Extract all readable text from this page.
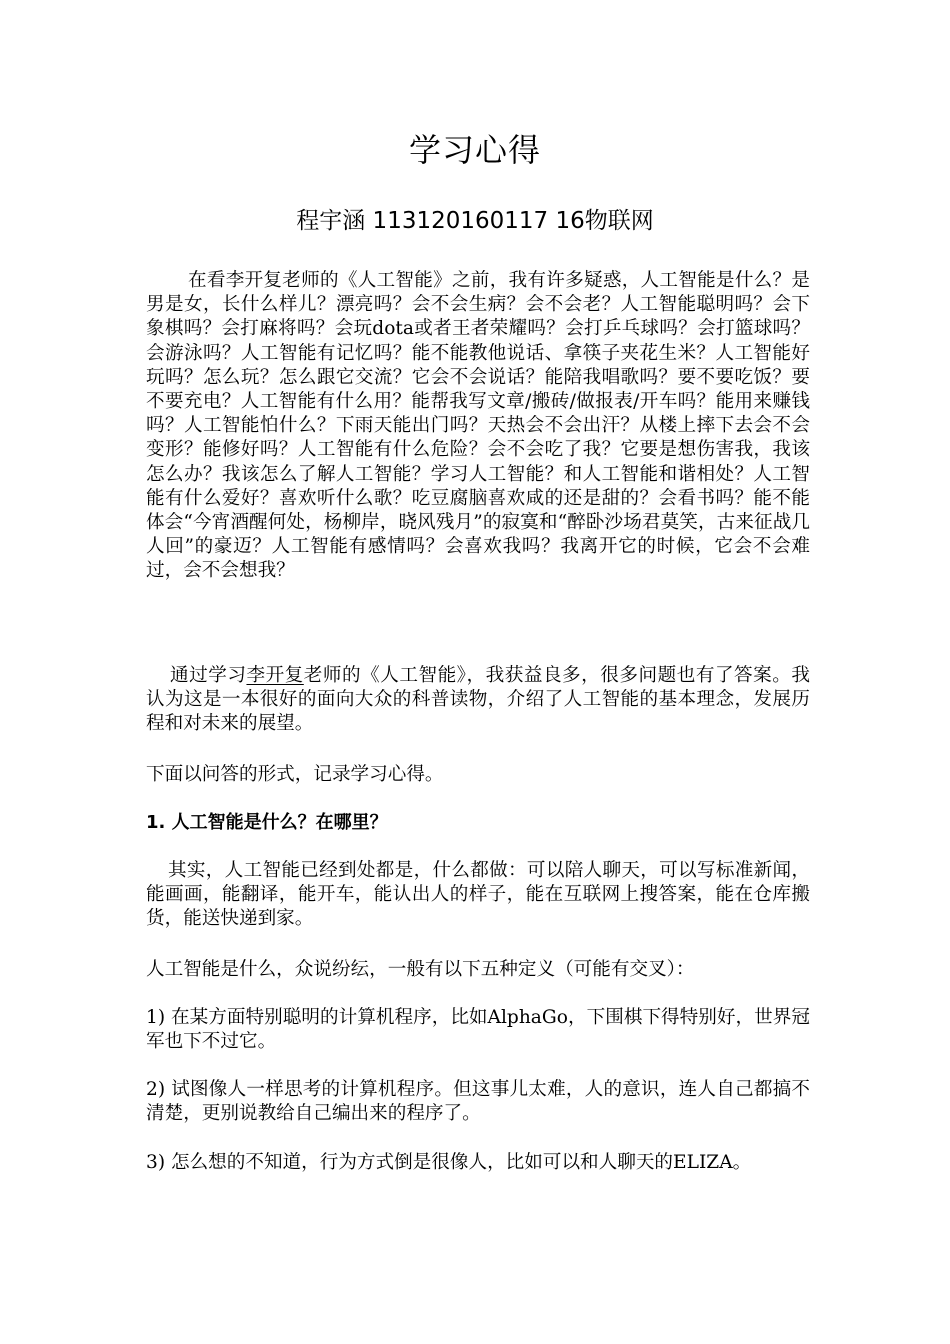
学习心得
程宇涵 113120160117 16物联网

在看李开复老师的《人工智能》之前，我有许多疑惑，人工智能是什么？是男是女，长什么样儿？漂亮吗？会不会生病？会不会老？人工智能聪明吗？会下象棋吗？会打麻将吗？会玩dota或者王者荣耀吗？会打乒乓球吗？会打篮球吗？会游泳吗？人工智能有记忆吗？能不能教他说话、拿筷子夹花生米？人工智能好玩吗？怎么玩？怎么跟它交流？它会不会说话？能陪我唱歌吗？要不要吃饭？要不要充电？人工智能有什么用？能帮我写文章/搬砖/做报表/开车吗？能用来赚钱吗？人工智能怕什么？下雨天能出门吗？天热会不会出汗？从楼上摔下去会不会变形？能修好吗？人工智能有什么危险？会不会吃了我？它要是想伤害我，我该怎么办？我该怎么了解人工智能？学习人工智能？和人工智能和谐相处？人工智能有什么爱好？喜欢听什么歌？吃豆腐脑喜欢咸的还是甜的？会看书吗？能不能体会“今宵酒醒何处，杨柳岸，晓风残月”的寂寞和“醉卧沙场君莫笑，古来征战几人回”的豪迈？人工智能有感情吗？会喜欢我吗？我离开它的时候，它会不会难过，会不会想我？

通过学习李开复老师的《人工智能》，我获益良多，很多问题也有了答案。我认为这是一本很好的面向大众的科普读物，介绍了人工智能的基本理念，发展历程和对未来的展望。

下面以问答的形式，记录学习心得。

1. 人工智能是什么？在哪里？

其实，人工智能已经到处都是，什么都做：可以陪人聊天，可以写标准新闻，能画画，能翻译，能开车，能认出人的样子，能在互联网上搜答案，能在仓库搬货，能送快递到家。

人工智能是什么，众说纷纭，一般有以下五种定义（可能有交叉）：

1) 在某方面特别聪明的计算机程序，比如AlphaGo，下围棋下得特别好，世界冠军也下不过它。

2) 试图像人一样思考的计算机程序。但这事儿太难，人的意识，连人自己都搞不清楚，更别说教给自己编出来的程序了。

3) 怎么想的不知道，行为方式倒是很像人，比如可以和人聊天的ELIZA。
